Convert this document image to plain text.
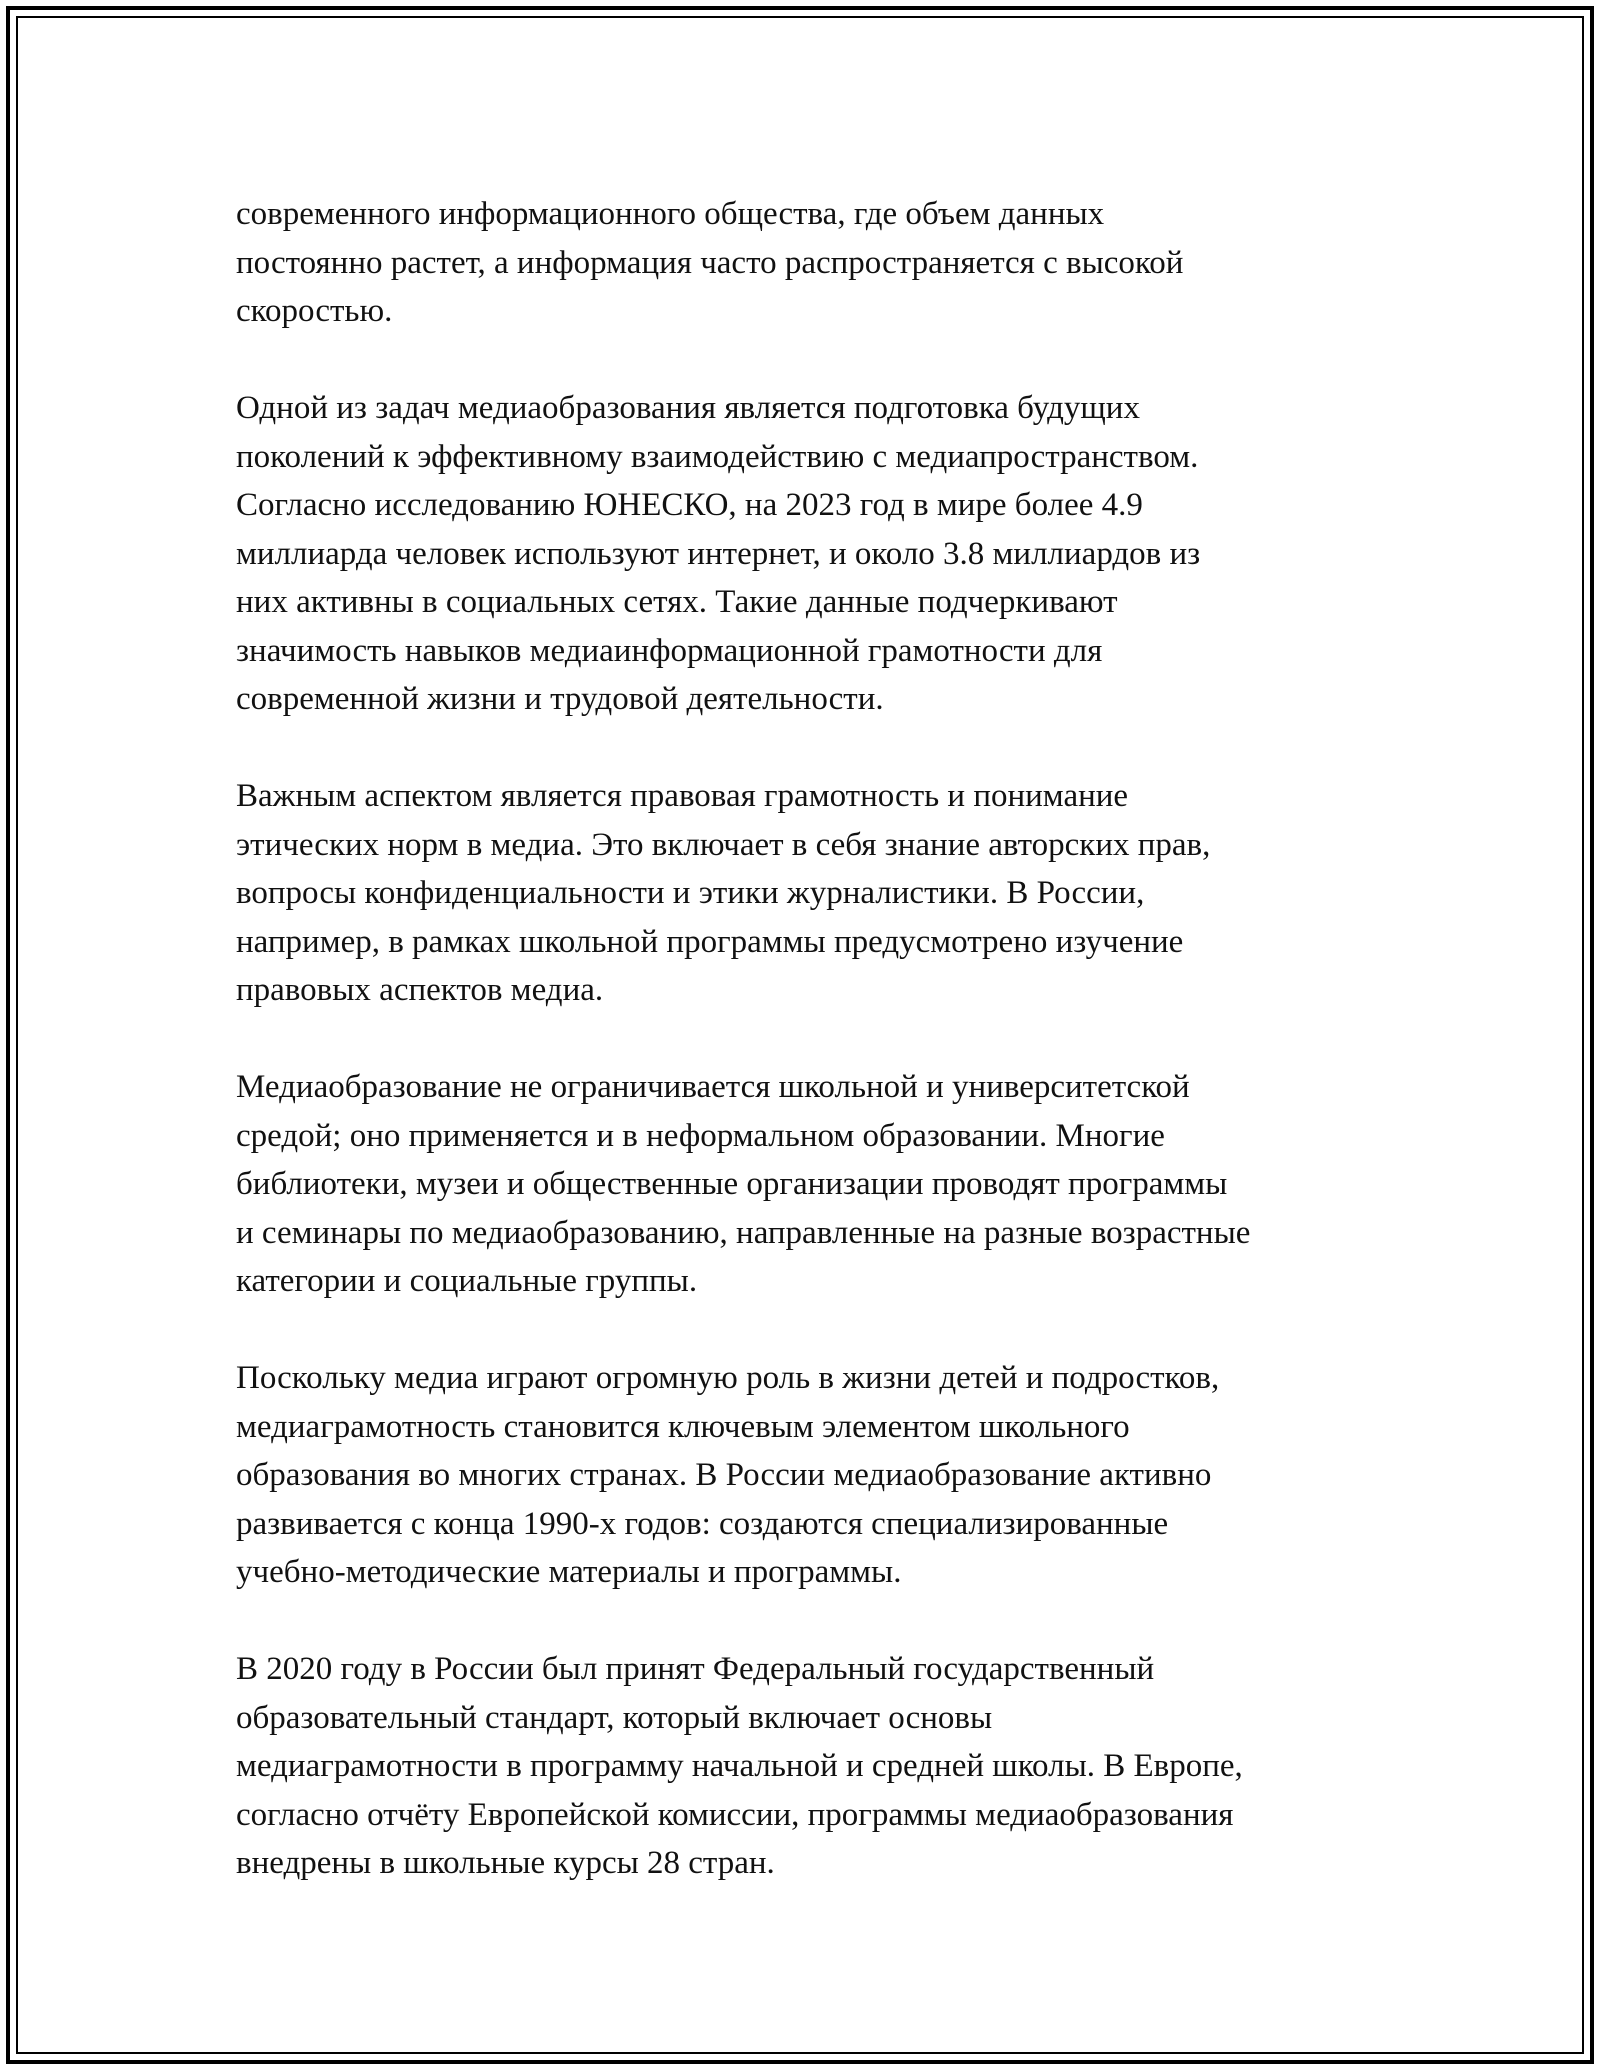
современного информационного общества, где объем данных
постоянно растет, а информация часто распространяется с высокой
скоростью.

Одной из задач медиаобразования является подготовка будущих
поколений к эффективному взаимодействию с медиапространством.
Согласно исследованию ЮНЕСКО, на 2023 год в мире более 4.9
миллиарда человек используют интернет, и около 3.8 миллиардов из
них активны в социальных сетях. Такие данные подчеркивают
значимость навыков медиаинформационной грамотности для
современной жизни и трудовой деятельности.

Важным аспектом является правовая грамотность и понимание
этических норм в медиа. Это включает в себя знание авторских прав,
вопросы конфиденциальности и этики журналистики. В России,
например, в рамках школьной программы предусмотрено изучение
правовых аспектов медиа.

Медиаобразование не ограничивается школьной и университетской
средой; оно применяется и в неформальном образовании. Многие
библиотеки, музеи и общественные организации проводят программы
и семинары по медиаобразованию, направленные на разные возрастные
категории и социальные группы.

Поскольку медиа играют огромную роль в жизни детей и подростков,
медиаграмотность становится ключевым элементом школьного
образования во многих странах. В России медиаобразование активно
развивается с конца 1990-х годов: создаются специализированные
учебно-методические материалы и программы.

В 2020 году в России был принят Федеральный государственный
образовательный стандарт, который включает основы
медиаграмотности в программу начальной и средней школы. В Европе,
согласно отчёту Европейской комиссии, программы медиаобразования
внедрены в школьные курсы 28 стран.
